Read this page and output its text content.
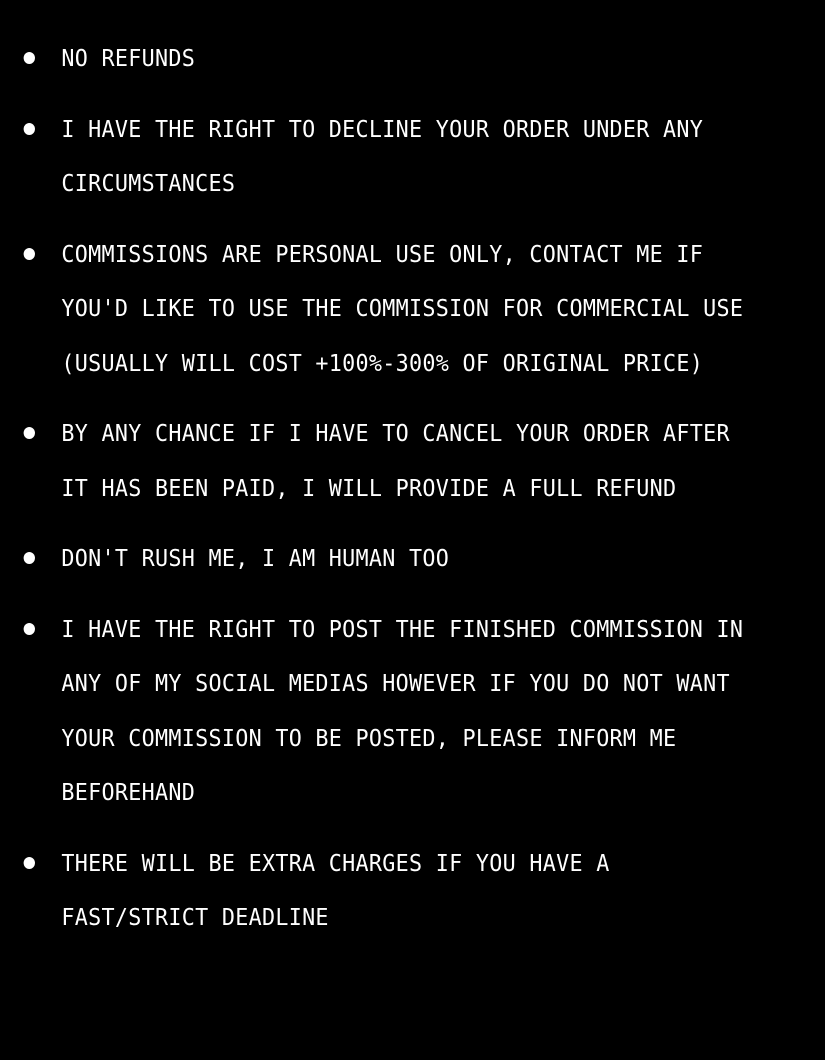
NO REFUNDS
I HAVE THE RIGHT TO DECLINE YOUR ORDER UNDER ANY CIRCUMSTANCES
COMMISSIONS ARE PERSONAL USE ONLY, CONTACT ME IF YOU'D LIKE TO USE THE COMMISSION FOR COMMERCIAL USE (USUALLY WILL COST +100%-300% OF ORIGINAL PRICE)
BY ANY CHANCE IF I HAVE TO CANCEL YOUR ORDER AFTER IT HAS BEEN PAID, I WILL PROVIDE A FULL REFUND
DON'T RUSH ME, I AM HUMAN TOO
I HAVE THE RIGHT TO POST THE FINISHED COMMISSION IN ANY OF MY SOCIAL MEDIAS HOWEVER IF YOU DO NOT WANT YOUR COMMISSION TO BE POSTED, PLEASE INFORM ME BEFOREHAND
THERE WILL BE EXTRA CHARGES IF YOU HAVE A FAST/STRICT DEADLINE
